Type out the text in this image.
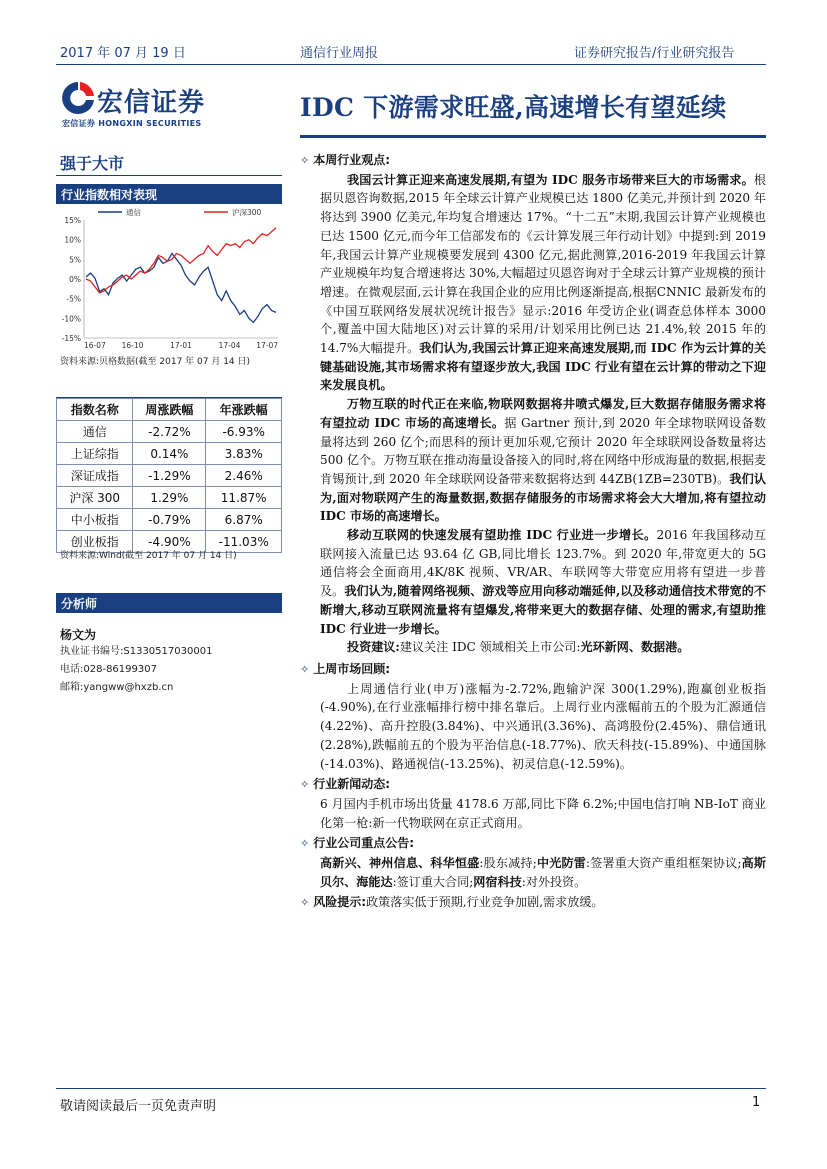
2017 年 07 月 19 日	通信行业周报	证券研究报告/行业研究报告
宏信证券
宏信证券 HONGXIN SECURITIES
IDC 下游需求旺盛,高速增长有望延续
强于大市
行业指数相对表现
15%
10%
5%
0%
-5%
-10%
-15%
16-07 16-10	17-01	17-04 17-07
通信	沪深300
资料来源:贝格数据(截至 2017 年 07 月 14 日)
指数名称	周涨跌幅	年涨跌幅
通信	-2.72%	-6.93%
上证综指	0.14%	3.83%
深证成指	-1.29%	2.46%
沪深 300	1.29%	11.87%
中小板指	-0.79%	6.87%
创业板指	-4.90%	-11.03%
资料来源:Wind(截至 2017 年 07 月 14 日)
分析师
杨文为
执业证书编号:S1330517030001
电话:028-86199307
邮箱:yangww@hxzb.cn
✧ 本周行业观点:

我国云计算正迎来高速发展期,有望为 IDC 服务市场带来巨大的市场需求。根据贝恩咨询数据,2015 年全球云计算产业规模已达 1800 亿美元,并预计到 2020 年将达到 3900 亿美元,年均复合增速达 17%。“十二五”末期,我国云计算产业规模也已达 1500 亿元,而今年工信部发布的《云计算发展三年行动计划》中提到:到 2019 年,我国云计算产业规模要发展到 4300 亿元,据此测算,2016-2019 年我国云计算产业规模年均复合增速将达 30%,大幅超过贝恩咨询对于全球云计算产业规模的预计增速。在微观层面,云计算在我国企业的应用比例逐渐提高,根据CNNIC 最新发布的《中国互联网络发展状况统计报告》显示:2016 年受访企业(调查总体样本 3000 个,覆盖中国大陆地区)对云计算的采用/计划采用比例已达 21.4%,较 2015 年的 14.7%大幅提升。我们认为,我国云计算正迎来高速发展期,而 IDC 作为云计算的关键基础设施,其市场需求将有望逐步放大,我国 IDC 行业有望在云计算的带动之下迎来发展良机。

万物互联的时代正在来临,物联网数据将井喷式爆发,巨大数据存储服务需求将有望拉动 IDC 市场的高速增长。据 Gartner 预计,到 2020 年全球物联网设备数量将达到 260 亿个;而思科的预计更加乐观,它预计 2020 年全球联网设备数量将达 500 亿个。万物互联在推动海量设备接入的同时,将在网络中形成海量的数据,根据麦肯锡预计,到 2020 年全球联网设备带来数据将达到 44ZB(1ZB=230TB)。我们认为,面对物联网产生的海量数据,数据存储服务的市场需求将会大大增加,将有望拉动 IDC 市场的高速增长。

移动互联网的快速发展有望助推 IDC 行业进一步增长。2016 年我国移动互联网接入流量已达 93.64 亿 GB,同比增长 123.7%。到 2020 年,带宽更大的 5G 通信将会全面商用,4K/8K 视频、VR/AR、车联网等大带宽应用将有望进一步普及。我们认为,随着网络视频、游戏等应用向移动端延伸,以及移动通信技术带宽的不断增大,移动互联网流量将有望爆发,将带来更大的数据存储、处理的需求,有望助推 IDC 行业进一步增长。

投资建议:建议关注 IDC 领域相关上市公司:光环新网、数据港。

✧ 上周市场回顾:

上周通信行业(申万)涨幅为-2.72%,跑输沪深 300(1.29%),跑赢创业板指(-4.90%),在行业涨幅排行榜中排名靠后。上周行业内涨幅前五的个股为汇源通信(4.22%)、高升控股(3.84%)、中兴通讯(3.36%)、高鸿股份(2.45%)、鼎信通讯(2.28%),跌幅前五的个股为平治信息(-18.77%)、欣天科技(-15.89%)、中通国脉(-14.03%)、路通视信(-13.25%)、初灵信息(-12.59%)。

✧ 行业新闻动态:

6 月国内手机市场出货量 4178.6 万部,同比下降 6.2%;中国电信打响 NB-IoT 商业化第一枪:新一代物联网在京正式商用。

✧ 行业公司重点公告:

高新兴、神州信息、科华恒盛:股东减持;中光防雷:签署重大资产重组框架协议;高斯贝尔、海能达:签订重大合同;网宿科技:对外投资。

✧ 风险提示:政策落实低于预期,行业竞争加剧,需求放缓。
敬请阅读最后一页免责声明	1
